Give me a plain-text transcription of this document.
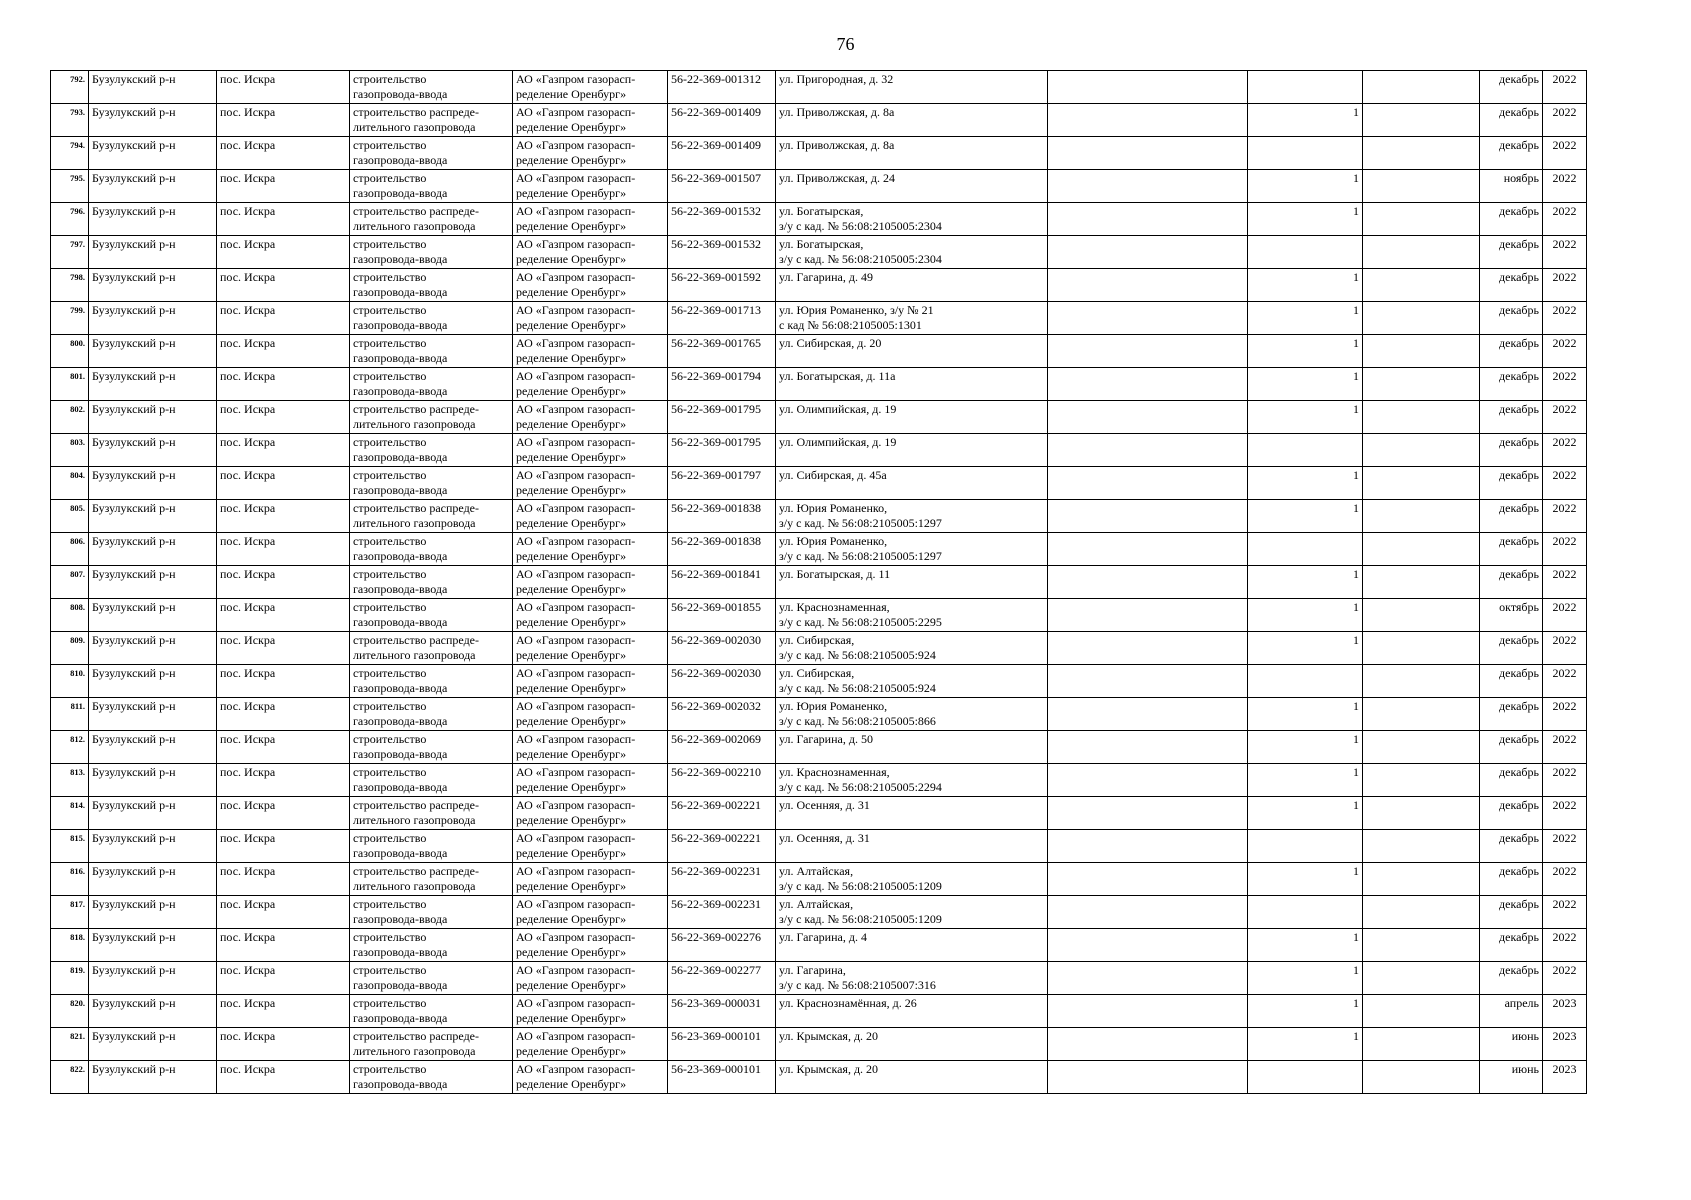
76
792.	Бузулукский р-н	пос. Искра	строительство
газопровода-ввода	АО «Газпром газорасп-
ределение Оренбург»	56-22-369-001312	ул. Пригородная, д. 32				декабрь	2022
793.	Бузулукский р-н	пос. Искра	строительство распреде-
лительного газопровода	АО «Газпром газорасп-
ределение Оренбург»	56-22-369-001409	ул. Приволжская, д. 8а		1		декабрь	2022
794.	Бузулукский р-н	пос. Искра	строительство
газопровода-ввода	АО «Газпром газорасп-
ределение Оренбург»	56-22-369-001409	ул. Приволжская, д. 8а				декабрь	2022
795.	Бузулукский р-н	пос. Искра	строительство
газопровода-ввода	АО «Газпром газорасп-
ределение Оренбург»	56-22-369-001507	ул. Приволжская, д. 24		1		ноябрь	2022
796.	Бузулукский р-н	пос. Искра	строительство распреде-
лительного газопровода	АО «Газпром газорасп-
ределение Оренбург»	56-22-369-001532	ул. Богатырская,
з/у с кад. № 56:08:2105005:2304		1		декабрь	2022
797.	Бузулукский р-н	пос. Искра	строительство
газопровода-ввода	АО «Газпром газорасп-
ределение Оренбург»	56-22-369-001532	ул. Богатырская,
з/у с кад. № 56:08:2105005:2304				декабрь	2022
798.	Бузулукский р-н	пос. Искра	строительство
газопровода-ввода	АО «Газпром газорасп-
ределение Оренбург»	56-22-369-001592	ул. Гагарина, д. 49		1		декабрь	2022
799.	Бузулукский р-н	пос. Искра	строительство
газопровода-ввода	АО «Газпром газорасп-
ределение Оренбург»	56-22-369-001713	ул. Юрия Романенко, з/у № 21
с кад № 56:08:2105005:1301		1		декабрь	2022
800.	Бузулукский р-н	пос. Искра	строительство
газопровода-ввода	АО «Газпром газорасп-
ределение Оренбург»	56-22-369-001765	ул. Сибирская, д. 20		1		декабрь	2022
801.	Бузулукский р-н	пос. Искра	строительство
газопровода-ввода	АО «Газпром газорасп-
ределение Оренбург»	56-22-369-001794	ул. Богатырская, д. 11а		1		декабрь	2022
802.	Бузулукский р-н	пос. Искра	строительство распреде-
лительного газопровода	АО «Газпром газорасп-
ределение Оренбург»	56-22-369-001795	ул. Олимпийская, д. 19		1		декабрь	2022
803.	Бузулукский р-н	пос. Искра	строительство
газопровода-ввода	АО «Газпром газорасп-
ределение Оренбург»	56-22-369-001795	ул. Олимпийская, д. 19				декабрь	2022
804.	Бузулукский р-н	пос. Искра	строительство
газопровода-ввода	АО «Газпром газорасп-
ределение Оренбург»	56-22-369-001797	ул. Сибирская, д. 45а		1		декабрь	2022
805.	Бузулукский р-н	пос. Искра	строительство распреде-
лительного газопровода	АО «Газпром газорасп-
ределение Оренбург»	56-22-369-001838	ул. Юрия Романенко,
з/у с кад. № 56:08:2105005:1297		1		декабрь	2022
806.	Бузулукский р-н	пос. Искра	строительство
газопровода-ввода	АО «Газпром газорасп-
ределение Оренбург»	56-22-369-001838	ул. Юрия Романенко,
з/у с кад. № 56:08:2105005:1297				декабрь	2022
807.	Бузулукский р-н	пос. Искра	строительство
газопровода-ввода	АО «Газпром газорасп-
ределение Оренбург»	56-22-369-001841	ул. Богатырская, д. 11		1		декабрь	2022
808.	Бузулукский р-н	пос. Искра	строительство
газопровода-ввода	АО «Газпром газорасп-
ределение Оренбург»	56-22-369-001855	ул. Краснознаменная,
з/у с кад. № 56:08:2105005:2295		1		октябрь	2022
809.	Бузулукский р-н	пос. Искра	строительство распреде-
лительного газопровода	АО «Газпром газорасп-
ределение Оренбург»	56-22-369-002030	ул. Сибирская,
з/у с кад. № 56:08:2105005:924		1		декабрь	2022
810.	Бузулукский р-н	пос. Искра	строительство
газопровода-ввода	АО «Газпром газорасп-
ределение Оренбург»	56-22-369-002030	ул. Сибирская,
з/у с кад. № 56:08:2105005:924				декабрь	2022
811.	Бузулукский р-н	пос. Искра	строительство
газопровода-ввода	АО «Газпром газорасп-
ределение Оренбург»	56-22-369-002032	ул. Юрия Романенко,
з/у с кад. № 56:08:2105005:866		1		декабрь	2022
812.	Бузулукский р-н	пос. Искра	строительство
газопровода-ввода	АО «Газпром газорасп-
ределение Оренбург»	56-22-369-002069	ул. Гагарина, д. 50		1		декабрь	2022
813.	Бузулукский р-н	пос. Искра	строительство
газопровода-ввода	АО «Газпром газорасп-
ределение Оренбург»	56-22-369-002210	ул. Краснознаменная,
з/у с кад. № 56:08:2105005:2294		1		декабрь	2022
814.	Бузулукский р-н	пос. Искра	строительство распреде-
лительного газопровода	АО «Газпром газорасп-
ределение Оренбург»	56-22-369-002221	ул. Осенняя, д. 31		1		декабрь	2022
815.	Бузулукский р-н	пос. Искра	строительство
газопровода-ввода	АО «Газпром газорасп-
ределение Оренбург»	56-22-369-002221	ул. Осенняя, д. 31				декабрь	2022
816.	Бузулукский р-н	пос. Искра	строительство распреде-
лительного газопровода	АО «Газпром газорасп-
ределение Оренбург»	56-22-369-002231	ул. Алтайская,
з/у с кад. № 56:08:2105005:1209		1		декабрь	2022
817.	Бузулукский р-н	пос. Искра	строительство
газопровода-ввода	АО «Газпром газорасп-
ределение Оренбург»	56-22-369-002231	ул. Алтайская,
з/у с кад. № 56:08:2105005:1209				декабрь	2022
818.	Бузулукский р-н	пос. Искра	строительство
газопровода-ввода	АО «Газпром газорасп-
ределение Оренбург»	56-22-369-002276	ул. Гагарина, д. 4		1		декабрь	2022
819.	Бузулукский р-н	пос. Искра	строительство
газопровода-ввода	АО «Газпром газорасп-
ределение Оренбург»	56-22-369-002277	ул. Гагарина,
з/у с кад. № 56:08:2105007:316		1		декабрь	2022
820.	Бузулукский р-н	пос. Искра	строительство
газопровода-ввода	АО «Газпром газорасп-
ределение Оренбург»	56-23-369-000031	ул. Краснознамённая, д. 26		1		апрель	2023
821.	Бузулукский р-н	пос. Искра	строительство распреде-
лительного газопровода	АО «Газпром газорасп-
ределение Оренбург»	56-23-369-000101	ул. Крымская, д. 20		1		июнь	2023
822.	Бузулукский р-н	пос. Искра	строительство
газопровода-ввода	АО «Газпром газорасп-
ределение Оренбург»	56-23-369-000101	ул. Крымская, д. 20				июнь	2023
